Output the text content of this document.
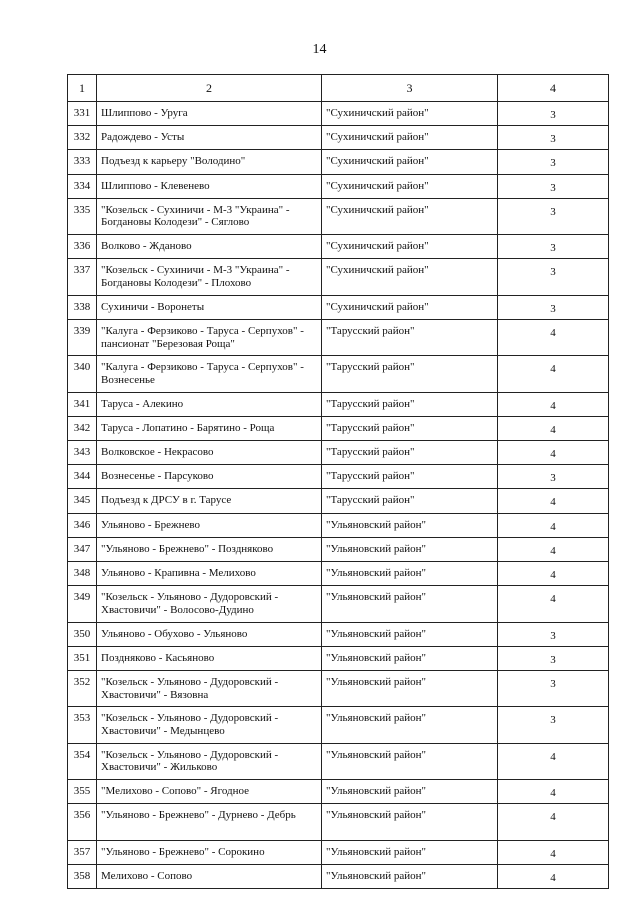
14
1	2	3	4
331	Шлиппово - Уруга	"Сухиничский район"	3
332	Радождево - Усты	"Сухиничский район"	3
333	Подъезд к карьеру "Володино"	"Сухиничский район"	3
334	Шлиппово - Клевенево	"Сухиничский район"	3
335	"Козельск - Сухиничи - М-3 "Украина" - Богдановы Колодези" - Сяглово	"Сухиничский район"	3
336	Волково - Жданово	"Сухиничский район"	3
337	"Козельск - Сухиничи - М-3 "Украина" - Богдановы Колодези" - Плохово	"Сухиничский район"	3
338	Сухиничи - Воронеты	"Сухиничский район"	3
339	"Калуга - Ферзиково - Таруса - Серпухов" - пансионат "Березовая Роща"	"Тарусский район"	4
340	"Калуга - Ферзиково - Таруса - Серпухов" - Вознесенье	"Тарусский район"	4
341	Таруса - Алекино	"Тарусский район"	4
342	Таруса - Лопатино - Барятино - Роща	"Тарусский район"	4
343	Волковское - Некрасово	"Тарусский район"	4
344	Вознесенье - Парсуково	"Тарусский район"	3
345	Подъезд к ДРСУ в г. Тарусе	"Тарусский район"	4
346	Ульяново - Брежнево	"Ульяновский район"	4
347	"Ульяново - Брежнево" - Поздняково	"Ульяновский район"	4
348	Ульяново - Крапивна - Мелихово	"Ульяновский район"	4
349	"Козельск - Ульяново - Дудоровский - Хвастовичи" - Волосово-Дудино	"Ульяновский район"	4
350	Ульяново - Обухово - Ульяново	"Ульяновский район"	3
351	Поздняково - Касьяново	"Ульяновский район"	3
352	"Козельск - Ульяново - Дудоровский - Хвастовичи" - Вязовна	"Ульяновский район"	3
353	"Козельск - Ульяново - Дудоровский - Хвастовичи" - Медынцево	"Ульяновский район"	3
354	"Козельск - Ульяново - Дудоровский - Хвастовичи" - Жильково	"Ульяновский район"	4
355	"Мелихово - Сопово" - Ягодное	"Ульяновский район"	4
356	"Ульяново - Брежнево" - Дурнево - Дебрь	"Ульяновский район"	4
357	"Ульяново - Брежнево" - Сорокино	"Ульяновский район"	4
358	Мелихово - Сопово	"Ульяновский район"	4
